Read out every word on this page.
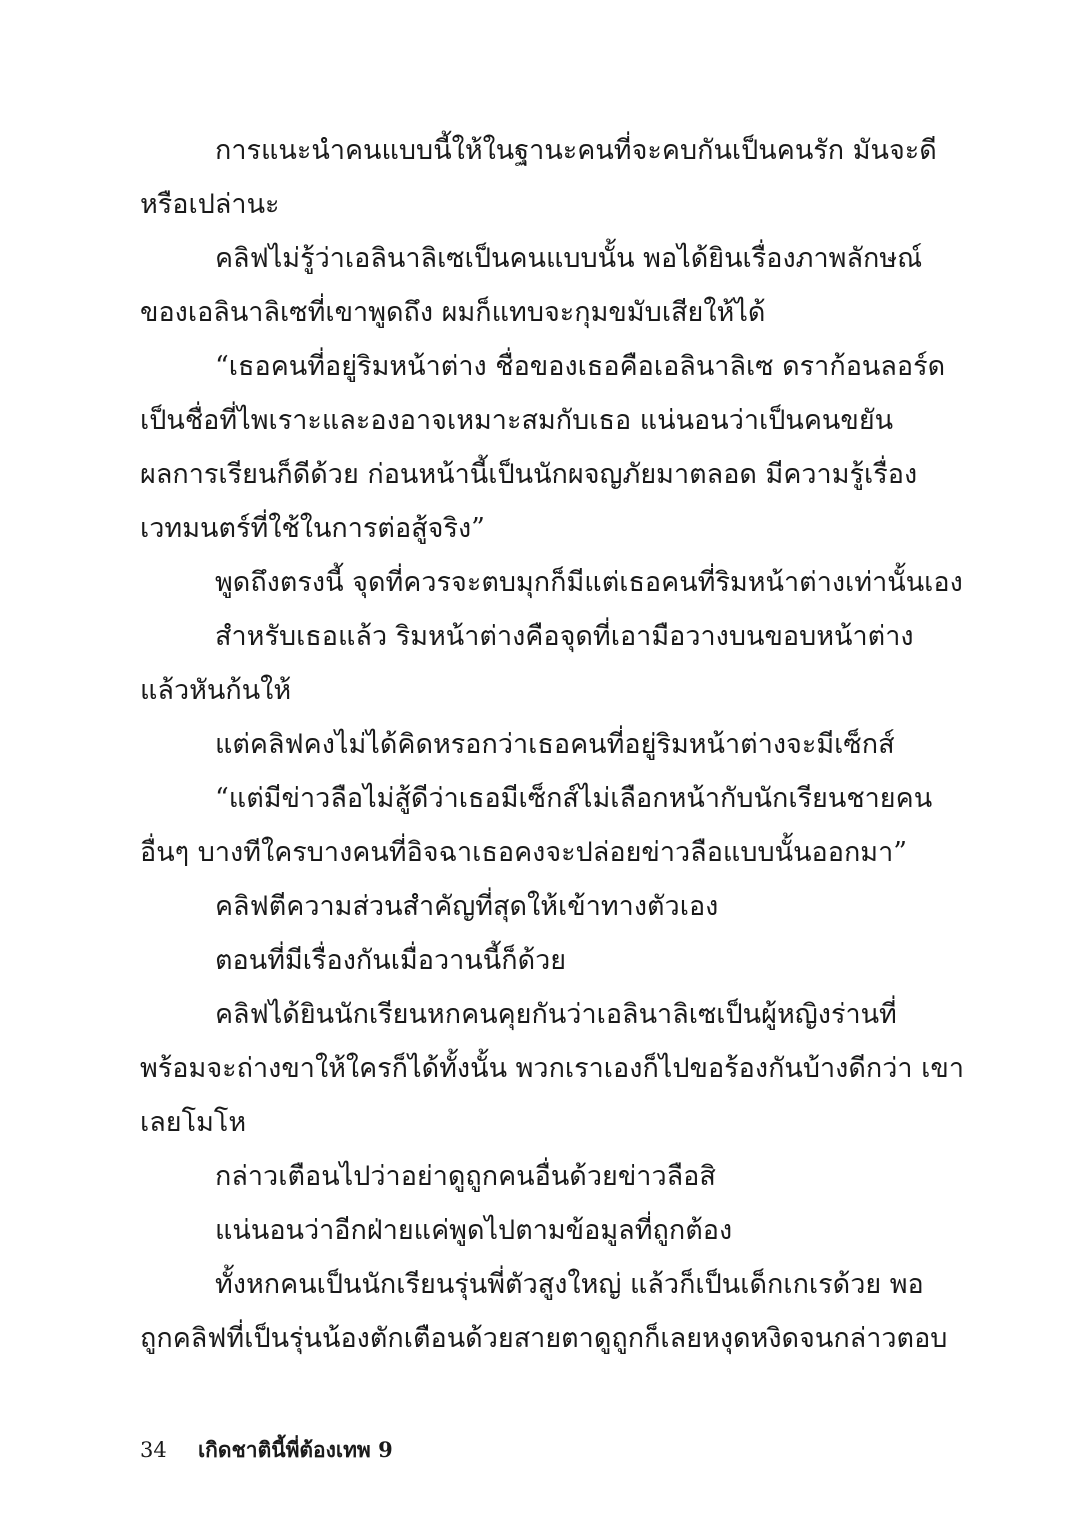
การแนะนำคนแบบนี้ให้ในฐานะคนที่จะคบกันเป็นคนรัก มันจะดี
หรือเปล่านะ
คลิฟไม่รู้ว่าเอลินาลิเซเป็นคนแบบนั้น พอได้ยินเรื่องภาพลักษณ์
ของเอลินาลิเซที่เขาพูดถึง ผมก็แทบจะกุมขมับเสียให้ได้
“เธอคนที่อยู่ริมหน้าต่าง ชื่อของเธอคือเอลินาลิเซ ดราก้อนลอร์ด
เป็นชื่อที่ไพเราะและองอาจเหมาะสมกับเธอ แน่นอนว่าเป็นคนขยัน
ผลการเรียนก็ดีด้วย ก่อนหน้านี้เป็นนักผจญภัยมาตลอด มีความรู้เรื่อง
เวทมนตร์ที่ใช้ในการต่อสู้จริง”
พูดถึงตรงนี้ จุดที่ควรจะตบมุกก็มีแต่เธอคนที่ริมหน้าต่างเท่านั้นเอง
สำหรับเธอแล้ว ริมหน้าต่างคือจุดที่เอามือวางบนขอบหน้าต่าง
แล้วหันก้นให้
แต่คลิฟคงไม่ได้คิดหรอกว่าเธอคนที่อยู่ริมหน้าต่างจะมีเซ็กส์
“แต่มีข่าวลือไม่สู้ดีว่าเธอมีเซ็กส์ไม่เลือกหน้ากับนักเรียนชายคน
อื่นๆ บางทีใครบางคนที่อิจฉาเธอคงจะปล่อยข่าวลือแบบนั้นออกมา”
คลิฟตีความส่วนสำคัญที่สุดให้เข้าทางตัวเอง
ตอนที่มีเรื่องกันเมื่อวานนี้ก็ด้วย
คลิฟได้ยินนักเรียนหกคนคุยกันว่าเอลินาลิเซเป็นผู้หญิงร่านที่
พร้อมจะถ่างขาให้ใครก็ได้ทั้งนั้น พวกเราเองก็ไปขอร้องกันบ้างดีกว่า เขา
เลยโมโห
กล่าวเตือนไปว่าอย่าดูถูกคนอื่นด้วยข่าวลือสิ
แน่นอนว่าอีกฝ่ายแค่พูดไปตามข้อมูลที่ถูกต้อง
ทั้งหกคนเป็นนักเรียนรุ่นพี่ตัวสูงใหญ่ แล้วก็เป็นเด็กเกเรด้วย พอ
ถูกคลิฟที่เป็นรุ่นน้องตักเตือนด้วยสายตาดูถูกก็เลยหงุดหงิดจนกล่าวตอบ
34 เกิดชาตินี้พี่ต้องเทพ 9
